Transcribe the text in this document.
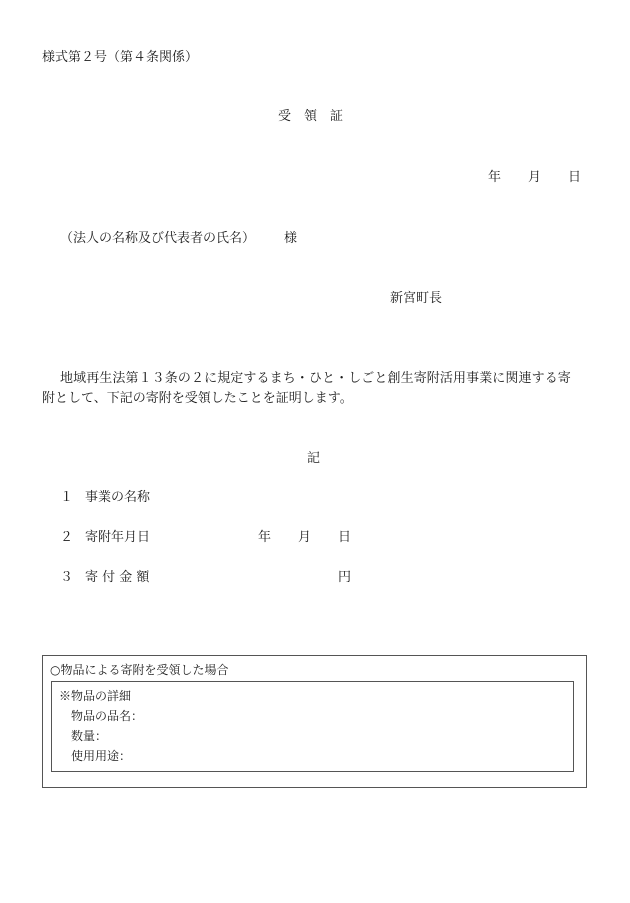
様式第２号（第４条関係）
受　領　証
年 月 日
（法人の名称及び代表者の氏名） 様
新宮町長
地域再生法第１３条の２に規定するまち・ひと・しごと創生寄附活用事業に関連する寄
附として、下記の寄附を受領したことを証明します。
記
１ 事業の名称
２ 寄附年月日	年 月 日
３ 寄 付 金 額	円
○物品による寄附を受領した場合
※物品の詳細
物品の品名：
数量：
使用用途：
